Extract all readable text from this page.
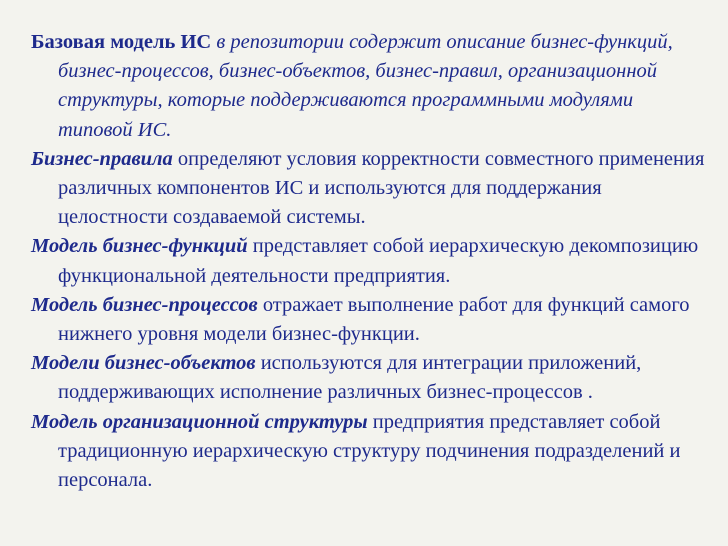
Базовая модель ИС в репозитории содержит описание бизнес-функций, бизнес-процессов, бизнес-объектов, бизнес-правил, организационной структуры, которые поддерживаются программными модулями типовой ИС.

Бизнес-правила определяют условия корректности совместного применения различных компонентов ИС и используются для поддержания целостности создаваемой системы.

Модель бизнес-функций представляет собой иерархическую декомпозицию функциональной деятельности предприятия.

Модель бизнес-процессов отражает выполнение работ для функций самого нижнего уровня модели бизнес-функции.

Модели бизнес-объектов используются для интеграции приложений, поддерживающих исполнение различных бизнес-процессов .

Модель организационной структуры предприятия представляет собой традиционную иерархическую структуру подчинения подразделений и персонала.
